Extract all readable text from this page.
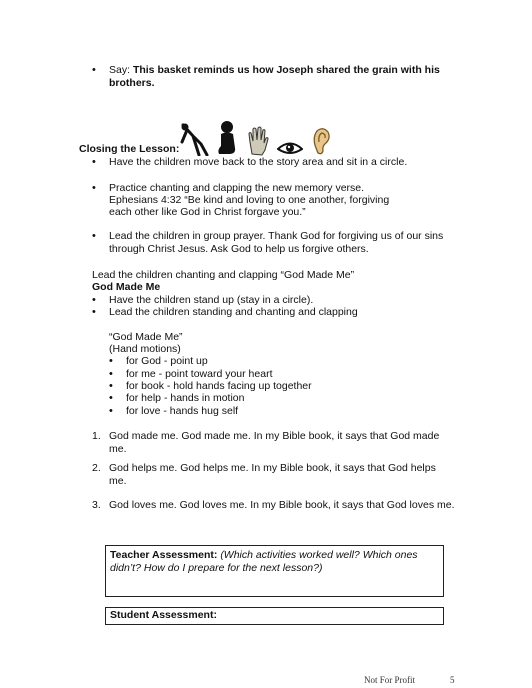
• Say: This basket reminds us how Joseph shared the grain with his
brothers.
Closing the Lesson:
• Have the children move back to the story area and sit in a circle.
• Practice chanting and clapping the new memory verse.
Ephesians 4:32 “Be kind and loving to one another, forgiving
each other like God in Christ forgave you.”
• Lead the children in group prayer. Thank God for forgiving us of our sins
through Christ Jesus. Ask God to help us forgive others.
Lead the children chanting and clapping “God Made Me”
God Made Me
• Have the children stand up (stay in a circle).
• Lead the children standing and chanting and clapping
“God Made Me”
(Hand motions)
• for God - point up
• for me - point toward your heart
• for book - hold hands facing up together
• for help - hands in motion
• for love - hands hug self
1. God made me. God made me. In my Bible book, it says that God made
me.
2. God helps me. God helps me. In my Bible book, it says that God helps
me.
3. God loves me. God loves me. In my Bible book, it says that God loves me.
Teacher Assessment: (Which activities worked well? Which ones
didn’t? How do I prepare for the next lesson?)
Student Assessment:
Not For Profit	5
